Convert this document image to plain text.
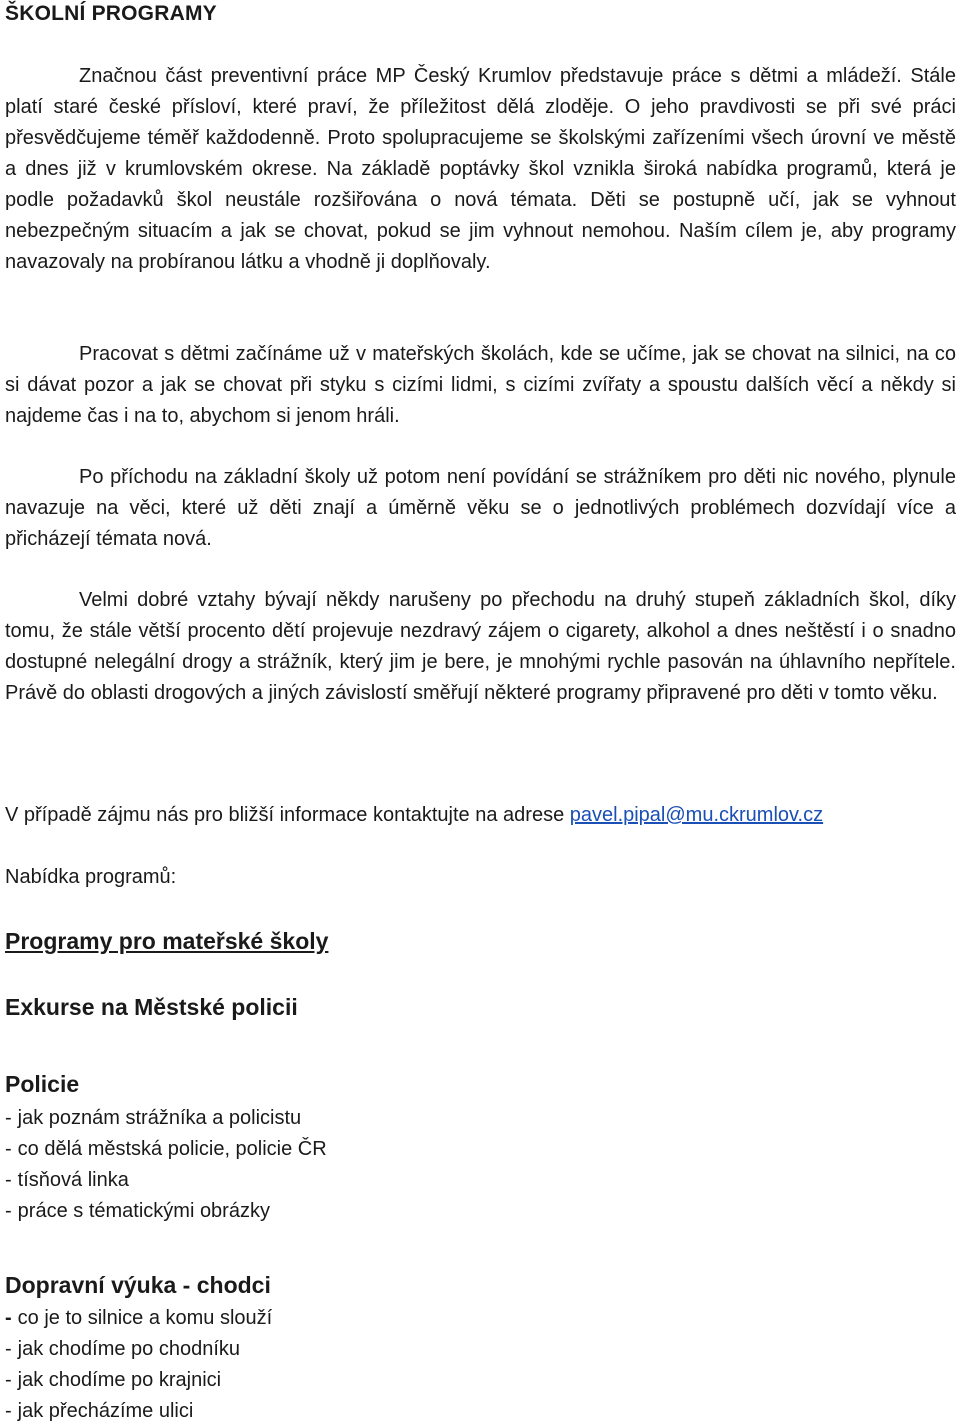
ŠKOLNÍ PROGRAMY

Značnou část preventivní práce MP Český Krumlov představuje práce s dětmi a mládeží. Stále platí staré české přísloví, které praví, že příležitost dělá zloděje. O jeho pravdivosti se při své práci přesvědčujeme téměř každodenně. Proto spolupracujeme se školskými zařízeními všech úrovní ve městě a dnes již v krumlovském okrese. Na základě poptávky škol vznikla široká nabídka programů, která je podle požadavků škol neustále rozšiřována o nová témata. Děti se postupně učí, jak se vyhnout nebezpečným situacím a jak se chovat, pokud se jim vyhnout nemohou. Naším cílem je, aby programy navazovaly na probíranou látku a vhodně ji doplňovaly.

Pracovat s dětmi začínáme už v mateřských školách, kde se učíme, jak se chovat na silnici, na co si dávat pozor a jak se chovat při styku s cizími lidmi, s cizími zvířaty a spoustu dalších věcí a někdy si najdeme čas i na to, abychom si jenom hráli.

Po příchodu na základní školy už potom není povídání se strážníkem pro děti nic nového, plynule navazuje na věci, které už děti znají a úměrně věku se o jednotlivých problémech dozvídají více a přicházejí témata nová.

Velmi dobré vztahy bývají někdy narušeny po přechodu na druhý stupeň základních škol, díky tomu, že stále větší procento dětí projevuje nezdravý zájem o cigarety, alkohol a dnes neštěstí i o snadno dostupné nelegální drogy a strážník, který jim je bere, je mnohými rychle pasován na úhlavního nepřítele. Právě do oblasti drogových a jiných závislostí směřují některé programy připravené pro děti v tomto věku.

V případě zájmu nás pro bližší informace kontaktujte na adrese pavel.pipal@mu.ckrumlov.cz

Nabídka programů:

Programy pro mateřské školy
Exkurse na Městské policii
Policie
- jak poznám strážníka a policistu
- co dělá městská policie, policie ČR
- tísňová linka
- práce s tématickými obrázky
Dopravní výuka - chodci
- co je to silnice a komu slouží
- jak chodíme po chodníku
- jak chodíme po krajnici
- jak přecházíme ulici
